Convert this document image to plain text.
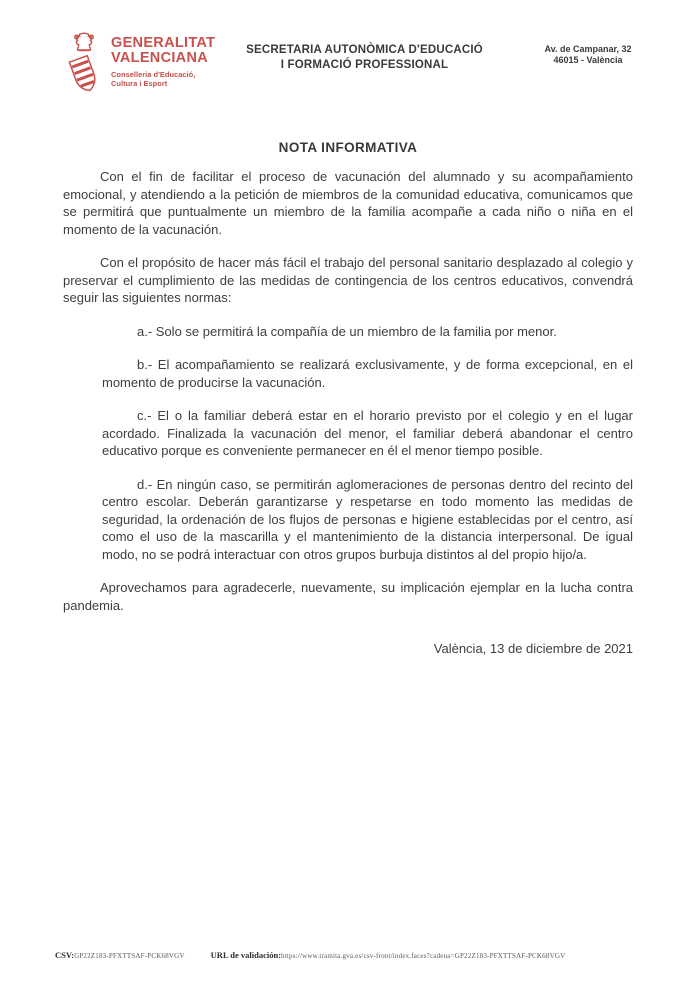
GENERALITAT
VALENCIANA
Conselleria d'Educació,
Cultura i Esport
SECRETARIA AUTONÒMICA D'EDUCACIÓ
I FORMACIÓ PROFESSIONAL
Av. de Campanar, 32
46015 - València
NOTA INFORMATIVA

Con el fin de facilitar el proceso de vacunación del alumnado y su acompañamiento emocional, y atendiendo a la petición de miembros de la comunidad educativa, comunicamos que se permitirá que puntualmente un miembro de la familia acompañe a cada niño o niña en el momento de la vacunación.

Con el propósito de hacer más fácil el trabajo del personal sanitario desplazado al colegio y preservar el cumplimiento de las medidas de contingencia de los centros educativos, convendrá seguir las siguientes normas:

a.- Solo se permitirá la compañía de un miembro de la familia por menor.

b.- El acompañamiento se realizará exclusivamente, y de forma excepcional, en el momento de producirse la vacunación.

c.- El o la familiar deberá estar en el horario previsto por el colegio y en el lugar acordado. Finalizada la vacunación del menor, el familiar deberá abandonar el centro educativo porque es conveniente permanecer en él el menor tiempo posible.

d.- En ningún caso, se permitirán aglomeraciones de personas dentro del recinto del centro escolar. Deberán garantizarse y respetarse en todo momento las medidas de seguridad, la ordenación de los flujos de personas e higiene establecidas por el centro, así como el uso de la mascarilla y el mantenimiento de la distancia interpersonal. De igual modo, no se podrá interactuar con otros grupos burbuja distintos al del propio hijo/a.

Aprovechamos para agradecerle, nuevamente, su implicación ejemplar en la lucha contra pandemia.

València, 13 de diciembre de 2021

CSV:GP22Z183-PFXTTSAF-PCK68VGV	URL de validación:https://www.tramita.gva.es/csv-front/index.faces?cadena=GP22Z183-PFXTTSAF-PCK68VGV
